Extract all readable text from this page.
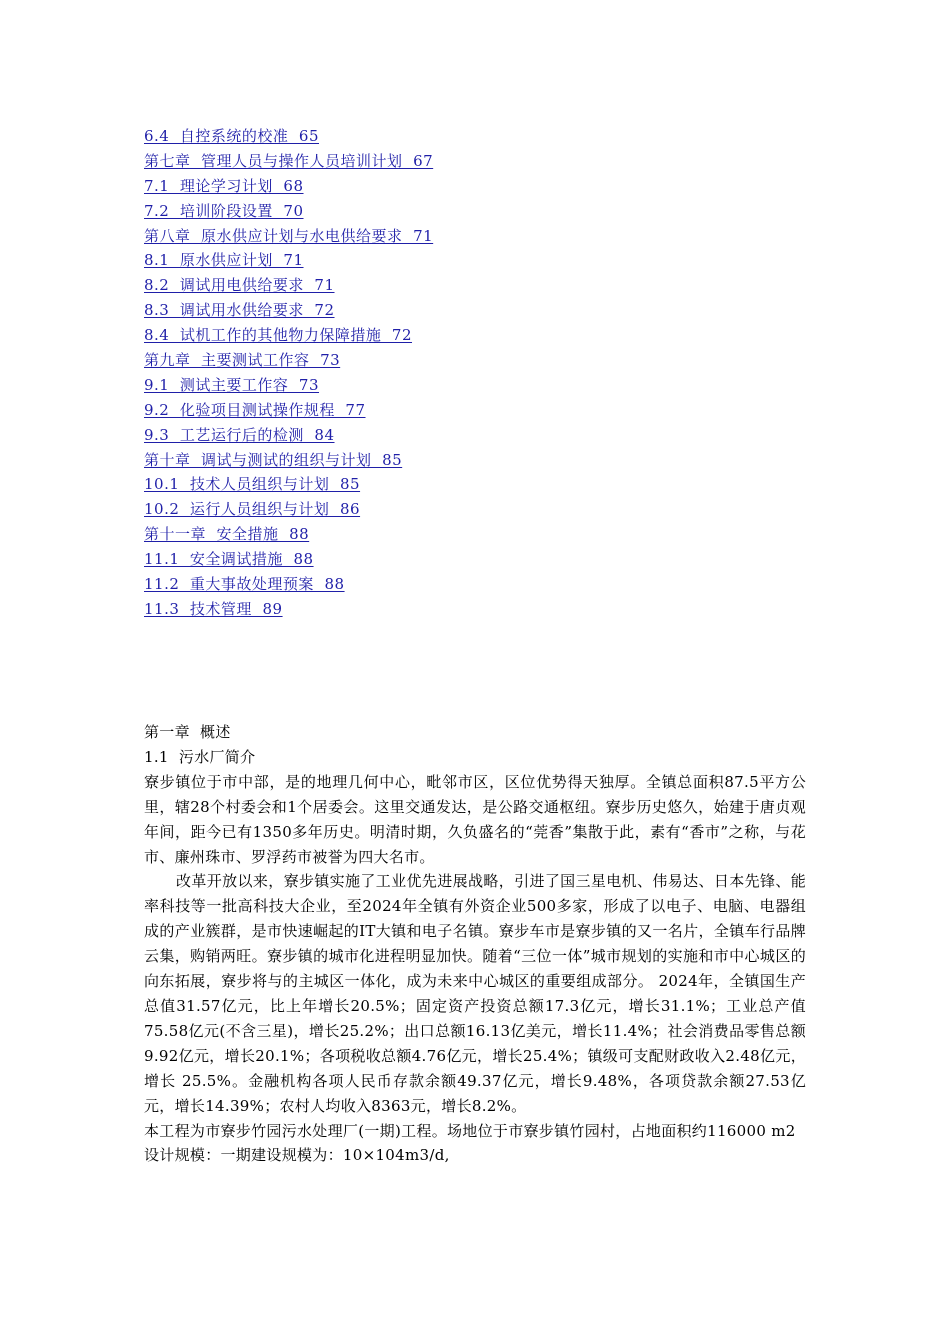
6.4  自控系统的校准  65
第七章  管理人员与操作人员培训计划  67
7.1  理论学习计划  68
7.2  培训阶段设置  70
第八章  原水供应计划与水电供给要求  71
8.1  原水供应计划  71
8.2  调试用电供给要求  71
8.3  调试用水供给要求  72
8.4  试机工作的其他物力保障措施  72
第九章  主要测试工作容  73
9.1  测试主要工作容  73
9.2  化验项目测试操作规程  77
9.3  工艺运行后的检测  84
第十章  调试与测试的组织与计划  85
10.1  技术人员组织与计划  85
10.2  运行人员组织与计划  86
第十一章  安全措施  88
11.1  安全调试措施  88
11.2  重大事故处理预案  88
11.3  技术管理  89
第一章  概述
1.1  污水厂简介

寮步镇位于市中部，是的地理几何中心，毗邻市区，区位优势得天独厚。全镇总面积87.5平方公里，辖28个村委会和1个居委会。这里交通发达，是公路交通枢纽。寮步历史悠久，始建于唐贞观年间，距今已有1350多年历史。明清时期，久负盛名的“莞香”集散于此，素有“香市”之称，与花市、廉州珠市、罗浮药市被誉为四大名市。

改革开放以来，寮步镇实施了工业优先进展战略，引进了国三星电机、伟易达、日本先锋、能率科技等一批高科技大企业，至2024年全镇有外资企业500多家，形成了以电子、电脑、电器组成的产业簇群，是市快速崛起的IT大镇和电子名镇。寮步车市是寮步镇的又一名片，全镇车行品牌云集，购销两旺。寮步镇的城市化进程明显加快。随着“三位一体”城市规划的实施和市中心城区的向东拓展，寮步将与的主城区一体化，成为未来中心城区的重要组成部分。 2024年，全镇国生产总值31.57亿元，比上年增长20.5%；固定资产投资总额17.3亿元，增长31.1%；工业总产值75.58亿元(不含三星)，增长25.2%；出口总额16.13亿美元，增长11.4%；社会消费品零售总额9.92亿元，增长20.1%；各项税收总额4.76亿元，增长25.4%；镇级可支配财政收入2.48亿元，增长 25.5%。金融机构各项人民币存款余额49.37亿元，增长9.48%，各项贷款余额27.53亿元，增长14.39%；农村人均收入8363元，增长8.2%。

本工程为市寮步竹园污水处理厂(一期)工程。场地位于市寮步镇竹园村，占地面积约116000 m2

设计规模：一期建设规模为：10×104m3/d,
